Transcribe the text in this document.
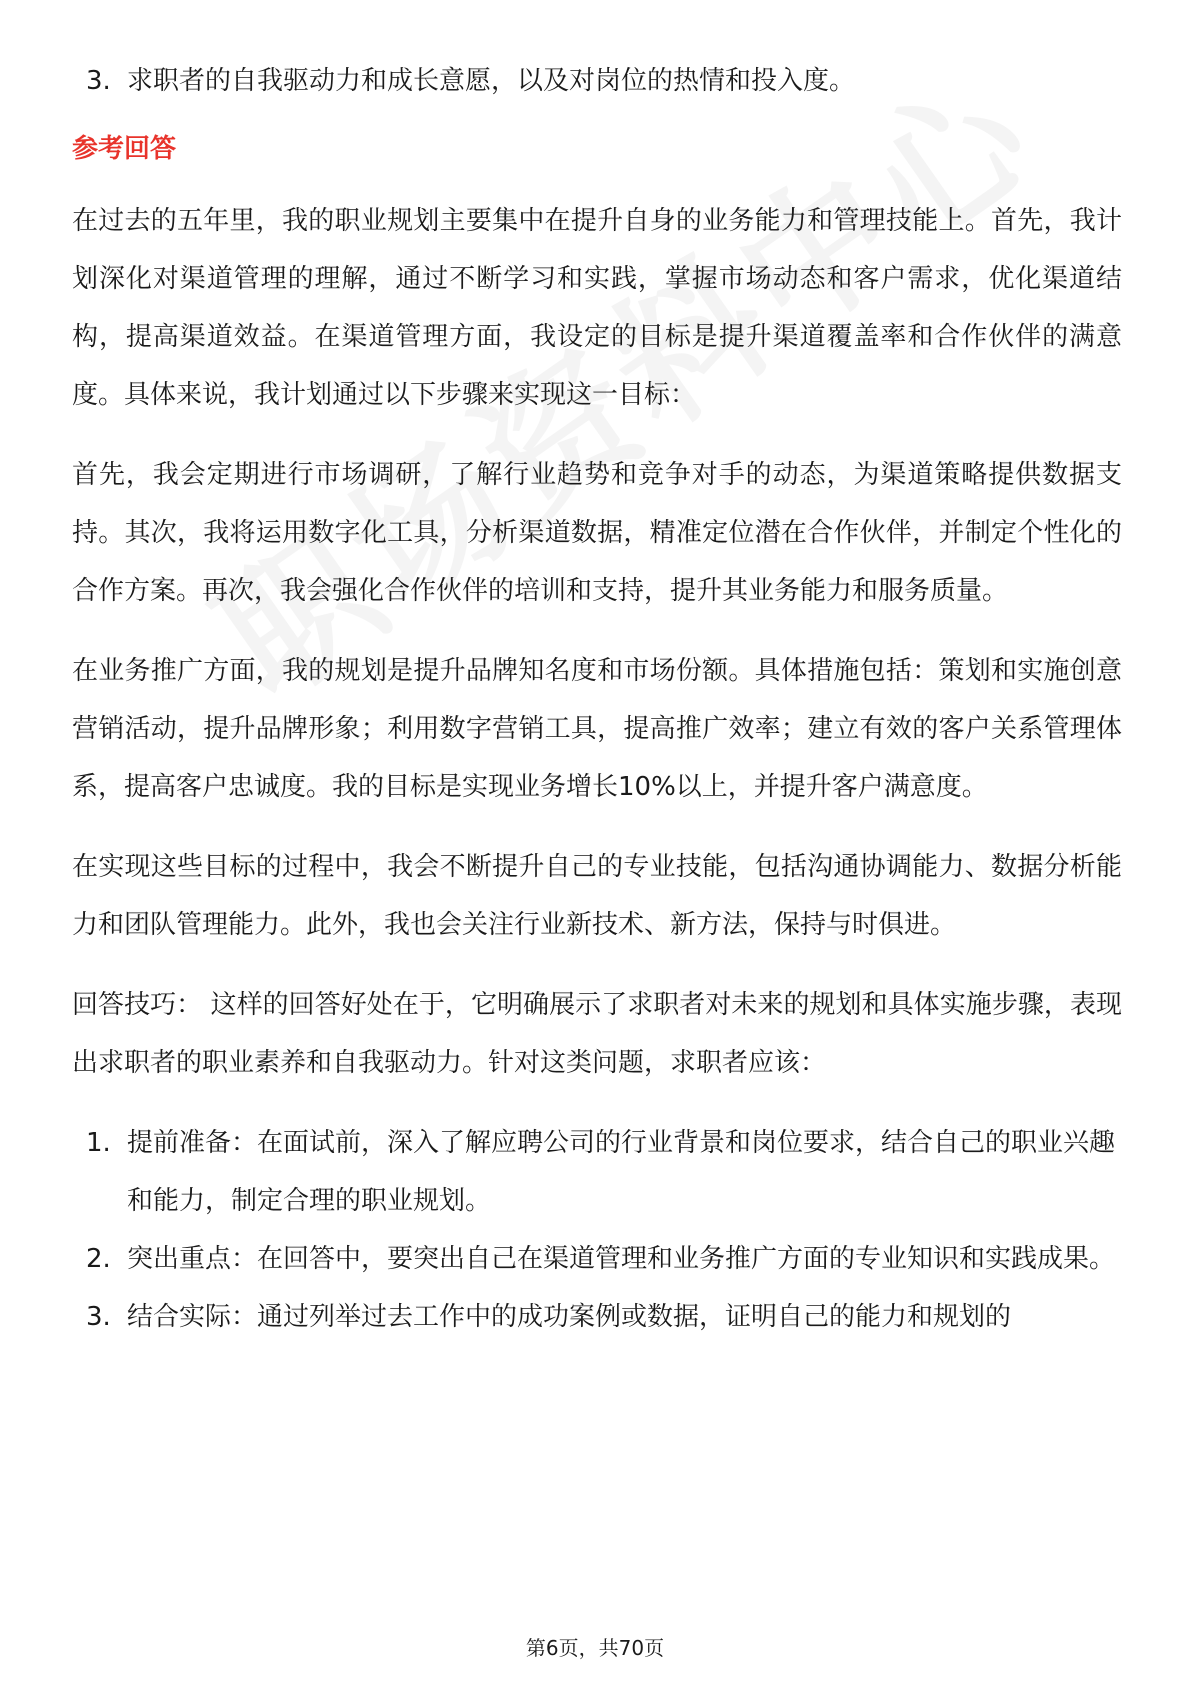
3. 求职者的自我驱动力和成长意愿，以及对岗位的热情和投入度。
参考回答
在过去的五年里，我的职业规划主要集中在提升自身的业务能力和管理技能上。首先，我计划深化对渠道管理的理解，通过不断学习和实践，掌握市场动态和客户需求，优化渠道结构，提高渠道效益。在渠道管理方面，我设定的目标是提升渠道覆盖率和合作伙伴的满意度。具体来说，我计划通过以下步骤来实现这一目标：
首先，我会定期进行市场调研，了解行业趋势和竞争对手的动态，为渠道策略提供数据支持。其次，我将运用数字化工具，分析渠道数据，精准定位潜在合作伙伴，并制定个性化的合作方案。再次，我会强化合作伙伴的培训和支持，提升其业务能力和服务质量。
在业务推广方面，我的规划是提升品牌知名度和市场份额。具体措施包括：策划和实施创意营销活动，提升品牌形象；利用数字营销工具，提高推广效率；建立有效的客户关系管理体系，提高客户忠诚度。我的目标是实现业务增长10%以上，并提升客户满意度。
在实现这些目标的过程中，我会不断提升自己的专业技能，包括沟通协调能力、数据分析能力和团队管理能力。此外，我也会关注行业新技术、新方法，保持与时俱进。
回答技巧： 这样的回答好处在于，它明确展示了求职者对未来的规划和具体实施步骤，表现出求职者的职业素养和自我驱动力。针对这类问题，求职者应该：
1. 提前准备：在面试前，深入了解应聘公司的行业背景和岗位要求，结合自己的职业兴趣和能力，制定合理的职业规划。
2. 突出重点：在回答中，要突出自己在渠道管理和业务推广方面的专业知识和实践成果。
3. 结合实际：通过列举过去工作中的成功案例或数据，证明自己的能力和规划的
第6页，共70页
